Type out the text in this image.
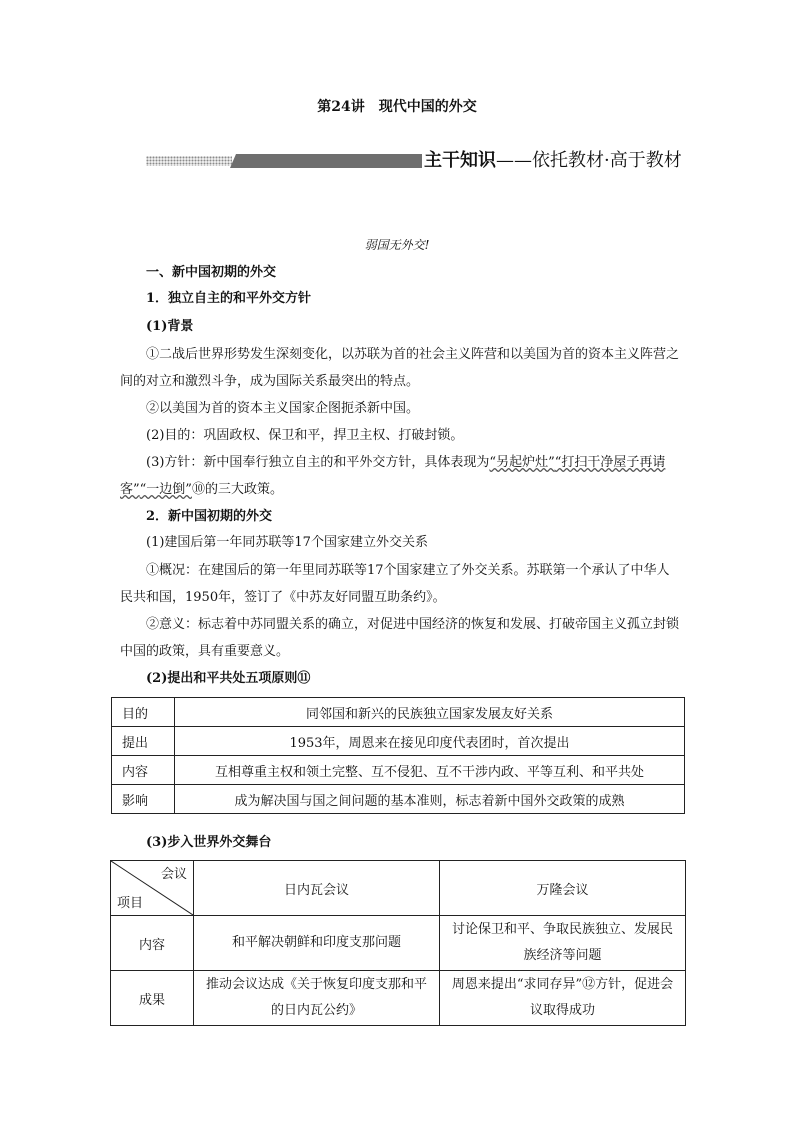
第24讲　现代中国的外交
主干知识——依托教材·高于教材
弱国无外交!
一、新中国初期的外交
1．独立自主的和平外交方针
(1)背景
①二战后世界形势发生深刻变化，以苏联为首的社会主义阵营和以美国为首的资本主义阵营之间的对立和激烈斗争，成为国际关系最突出的特点。
②以美国为首的资本主义国家企图扼杀新中国。
(2)目的：巩固政权、保卫和平，捍卫主权、打破封锁。
(3)方针：新中国奉行独立自主的和平外交方针，具体表现为“另起炉灶”“打扫干净屋子再请客”“一边倒”⑩的三大政策。
2．新中国初期的外交
(1)建国后第一年同苏联等17个国家建立外交关系
①概况：在建国后的第一年里同苏联等17个国家建立了外交关系。苏联第一个承认了中华人民共和国，1950年，签订了《中苏友好同盟互助条约》。
②意义：标志着中苏同盟关系的确立，对促进中国经济的恢复和发展、打破帝国主义孤立封锁中国的政策，具有重要意义。
(2)提出和平共处五项原则⑪
目的	同邻国和新兴的民族独立国家发展友好关系
提出	1953年，周恩来在接见印度代表团时，首次提出
内容	互相尊重主权和领土完整、互不侵犯、互不干涉内政、平等互利、和平共处
影响	成为解决国与国之间问题的基本准则，标志着新中国外交政策的成熟
(3)步入世界外交舞台
会议
项目	日内瓦会议	万隆会议
内容	和平解决朝鲜和印度支那问题	讨论保卫和平、争取民族独立、发展民族经济等问题
成果	推动会议达成《关于恢复印度支那和平的日内瓦公约》	周恩来提出“求同存异”⑫方针，促进会议取得成功
